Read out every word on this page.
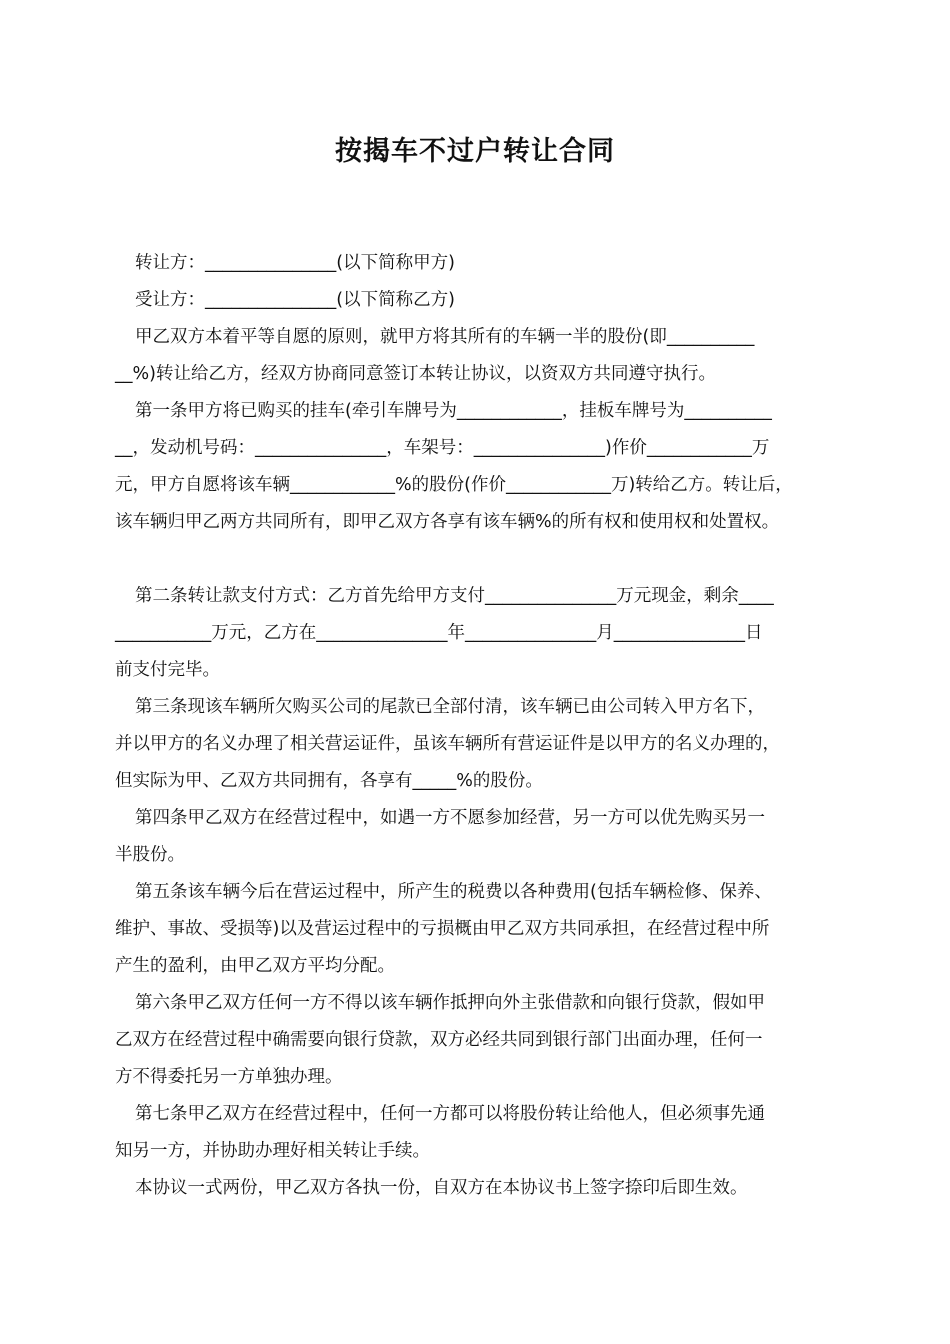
按揭车不过户转让合同
转让方：_______________(以下简称甲方)
受让方：_______________(以下简称乙方)
甲乙双方本着平等自愿的原则，就甲方将其所有的车辆一半的股份(即__________
__%)转让给乙方，经双方协商同意签订本转让协议，以资双方共同遵守执行。
第一条甲方将已购买的挂车(牵引车牌号为____________，挂板车牌号为__________
__，发动机号码：_______________，车架号：_______________)作价____________万
元，甲方自愿将该车辆____________%的股份(作价____________万)转给乙方。转让后，
该车辆归甲乙两方共同所有，即甲乙双方各享有该车辆%的所有权和使用权和处置权。
第二条转让款支付方式：乙方首先给甲方支付_______________万元现金，剩余____
___________万元，乙方在_______________年_______________月_______________日
前支付完毕。
第三条现该车辆所欠购买公司的尾款已全部付清，该车辆已由公司转入甲方名下，
并以甲方的名义办理了相关营运证件，虽该车辆所有营运证件是以甲方的名义办理的，
但实际为甲、乙双方共同拥有，各享有_____%的股份。
第四条甲乙双方在经营过程中，如遇一方不愿参加经营，另一方可以优先购买另一
半股份。
第五条该车辆今后在营运过程中，所产生的税费以各种费用(包括车辆检修、保养、
维护、事故、受损等)以及营运过程中的亏损概由甲乙双方共同承担，在经营过程中所
产生的盈利，由甲乙双方平均分配。
第六条甲乙双方任何一方不得以该车辆作抵押向外主张借款和向银行贷款，假如甲
乙双方在经营过程中确需要向银行贷款，双方必经共同到银行部门出面办理，任何一
方不得委托另一方单独办理。
第七条甲乙双方在经营过程中，任何一方都可以将股份转让给他人，但必须事先通
知另一方，并协助办理好相关转让手续。
本协议一式两份，甲乙双方各执一份，自双方在本协议书上签字捺印后即生效。
